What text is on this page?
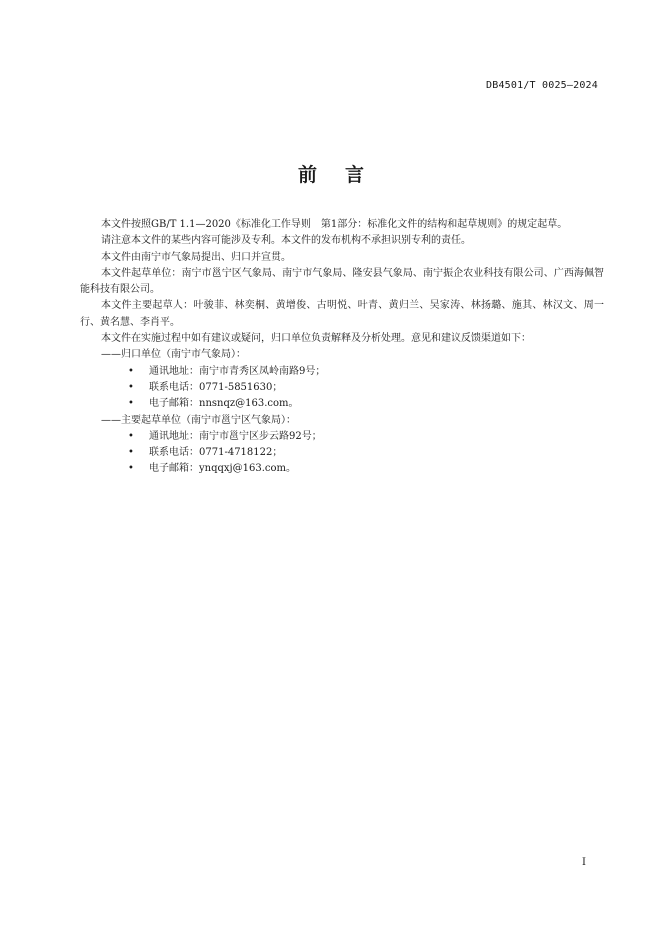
DB4501/T 0025—2024
前 言

本文件按照GB/T 1.1—2020《标准化工作导则　第1部分：标准化文件的结构和起草规则》的规定起草。

请注意本文件的某些内容可能涉及专利。本文件的发布机构不承担识别专利的责任。

本文件由南宁市气象局提出、归口并宣贯。

本文件起草单位：南宁市邕宁区气象局、南宁市气象局、隆安县气象局、南宁振企农业科技有限公司、广西海佩智能科技有限公司。

本文件主要起草人：叶骏菲、林奕桐、黄增俊、古明悦、叶青、黄归兰、吴家涛、林扬璐、施其、林汉文、周一行、黄名慧、李肖平。

本文件在实施过程中如有建议或疑问，归口单位负责解释及分析处理。意见和建议反馈渠道如下：

——归口单位（南宁市气象局）：

• 通讯地址：南宁市青秀区凤岭南路9号；

• 联系电话：0771-5851630；

• 电子邮箱：nnsnqz@163.com。

——主要起草单位（南宁市邕宁区气象局）：

• 通讯地址：南宁市邕宁区步云路92号；

• 联系电话：0771-4718122；

• 电子邮箱：ynqqxj@163.com。

I
